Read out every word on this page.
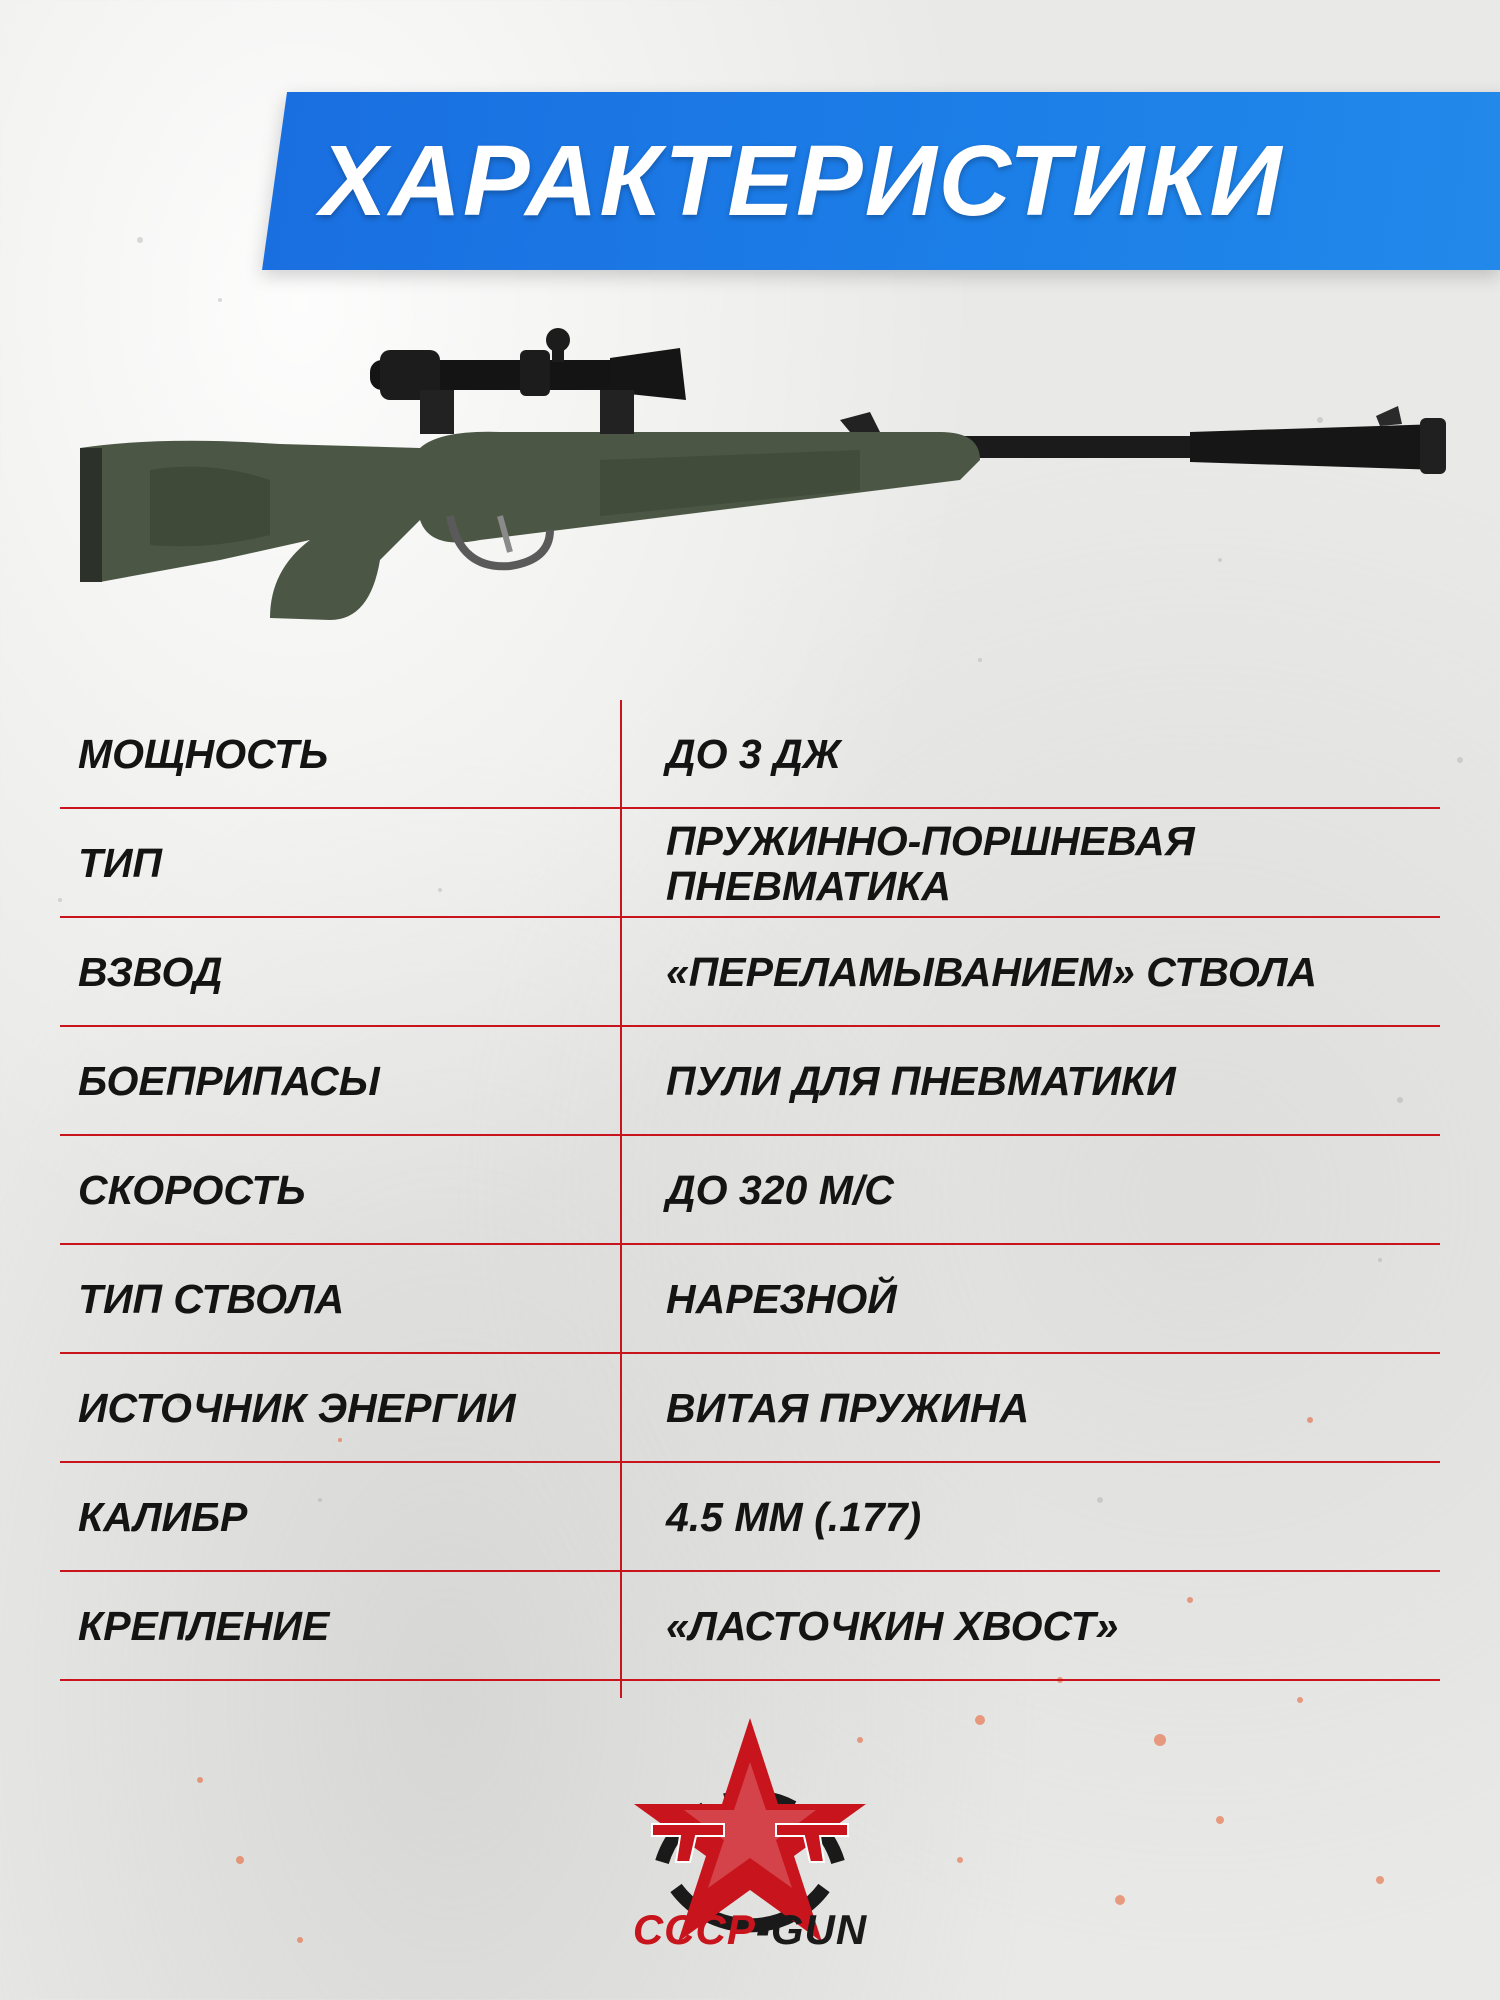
ХАРАКТЕРИСТИКИ
МОЩНОСТЬ	ДО 3 ДЖ
ТИП	ПРУЖИННО-ПОРШНЕВАЯ ПНЕВМАТИКА
ВЗВОД	«ПЕРЕЛАМЫВАНИЕМ» СТВОЛА
БОЕПРИПАСЫ	ПУЛИ ДЛЯ ПНЕВМАТИКИ
СКОРОСТЬ	ДО 320 М/С
ТИП СТВОЛА	НАРЕЗНОЙ
ИСТОЧНИК ЭНЕРГИИ	ВИТАЯ ПРУЖИНА
КАЛИБР	4.5 ММ (.177)
КРЕПЛЕНИЕ	«ЛАСТОЧКИН ХВОСТ»
СССР-GUN
